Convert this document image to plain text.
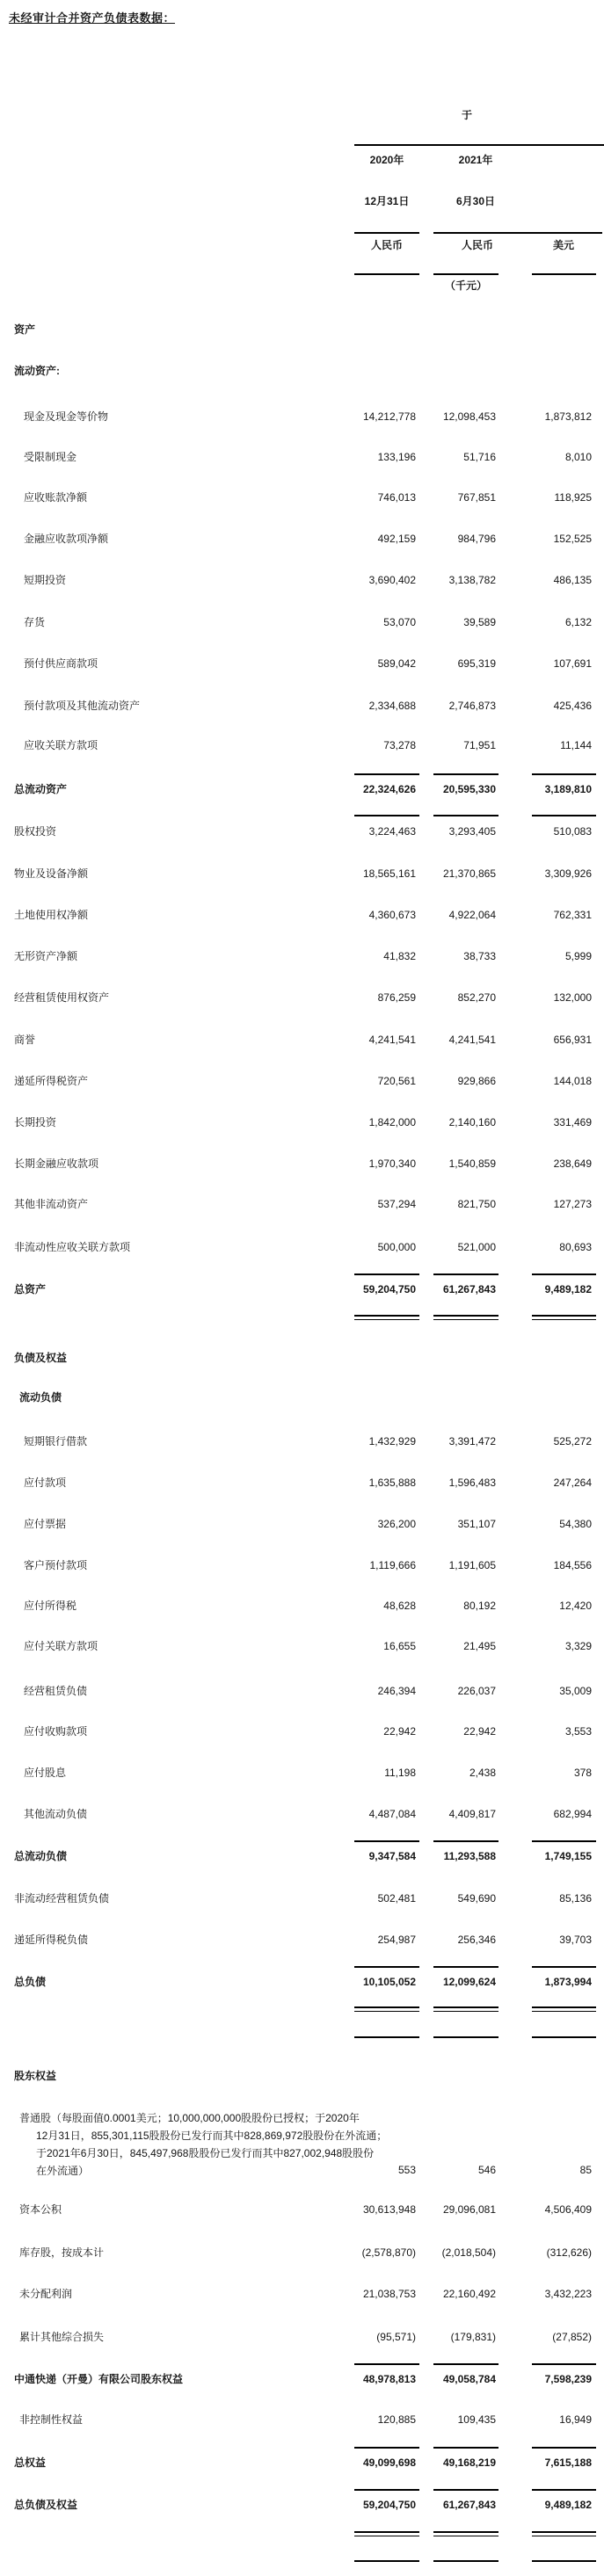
未经审计合并资产负债表数据：
于
2020年	2021年
12月31日	6月30日
人民币	人民币	美元
（千元）
资产
流动资产:
现金及现金等价物	14,212,778	12,098,453	1,873,812
受限制现金	133,196	51,716	8,010
应收账款净额	746,013	767,851	118,925
金融应收款项净额	492,159	984,796	152,525
短期投资	3,690,402	3,138,782	486,135
存货	53,070	39,589	6,132
预付供应商款项	589,042	695,319	107,691
预付款项及其他流动资产	2,334,688	2,746,873	425,436
应收关联方款项	73,278	71,951	11,144
总流动资产	22,324,626	20,595,330	3,189,810
股权投资	3,224,463	3,293,405	510,083
物业及设备净额	18,565,161	21,370,865	3,309,926
土地使用权净额	4,360,673	4,922,064	762,331
无形资产净额	41,832	38,733	5,999
经营租赁使用权资产	876,259	852,270	132,000
商誉	4,241,541	4,241,541	656,931
递延所得税资产	720,561	929,866	144,018
长期投资	1,842,000	2,140,160	331,469
长期金融应收款项	1,970,340	1,540,859	238,649
其他非流动资产	537,294	821,750	127,273
非流动性应收关联方款项	500,000	521,000	80,693
总资产	59,204,750	61,267,843	9,489,182
负债及权益
流动负债
短期银行借款	1,432,929	3,391,472	525,272
应付款项	1,635,888	1,596,483	247,264
应付票据	326,200	351,107	54,380
客户预付款项	1,119,666	1,191,605	184,556
应付所得税	48,628	80,192	12,420
应付关联方款项	16,655	21,495	3,329
经营租赁负债	246,394	226,037	35,009
应付收购款项	22,942	22,942	3,553
应付股息	11,198	2,438	378
其他流动负债	4,487,084	4,409,817	682,994
总流动负债	9,347,584	11,293,588	1,749,155
非流动经营租赁负债	502,481	549,690	85,136
递延所得税负债	254,987	256,346	39,703
总负债	10,105,052	12,099,624	1,873,994
股东权益
普通股（每股面值0.0001美元；10,000,000,000股股份已授权；于2020年
12月31日，855,301,115股股份已发行而其中828,869,972股股份在外流通；
于2021年6月30日，845,497,968股股份已发行而其中827,002,948股股份
在外流通）	553	546	85
资本公积	30,613,948	29,096,081	4,506,409
库存股，按成本计	(2,578,870)	(2,018,504)	(312,626)
未分配利润	21,038,753	22,160,492	3,432,223
累计其他综合损失	(95,571)	(179,831)	(27,852)
中通快递（开曼）有限公司股东权益	48,978,813	49,058,784	7,598,239
非控制性权益	120,885	109,435	16,949
总权益	49,099,698	49,168,219	7,615,188
总负债及权益	59,204,750	61,267,843	9,489,182
